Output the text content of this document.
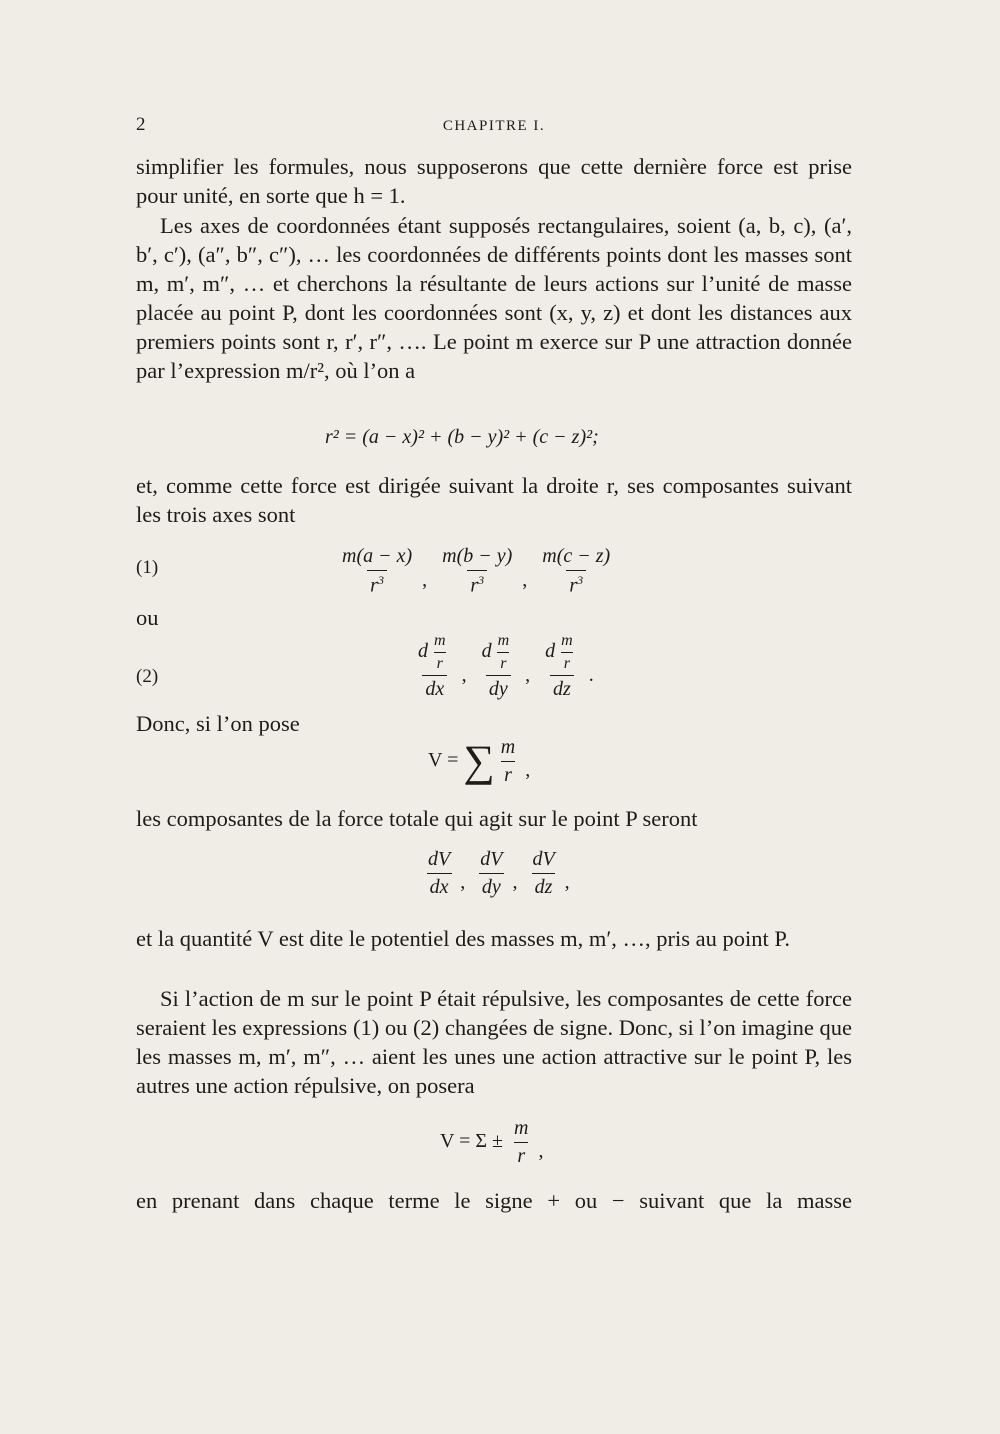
2	CHAPITRE I.
simplifier les formules, nous supposerons que cette dernière force est prise pour unité, en sorte que h = 1.
Les axes de coordonnées étant supposés rectangulaires, soient (a, b, c), (a′, b′, c′), (a″, b″, c″), … les coordonnées de différents points dont les masses sont m, m′, m″, … et cherchons la résultante de leurs actions sur l’unité de masse placée au point P, dont les coordonnées sont (x, y, z) et dont les distances aux premiers points sont r, r′, r″, …. Le point m exerce sur P une attraction donnée par l’expression m/r², où l’on a
r² = (a − x)² + (b − y)² + (c − z)²;
et, comme cette force est dirigée suivant la droite r, ses composantes suivant les trois axes sont
(1)	$\frac{m(a - x)}{r^3}$ , $\frac{m(b - y)}{r^3}$ , $\frac{m(c - z)}{r^3}$
ou
(2)	$\frac{d \frac{m}{r}}{dx}$ , $\frac{d \frac{m}{r}}{dy}$ , $\frac{d \frac{m}{r}}{dz}$ .
Donc, si l’on pose
V = ∑ $\frac{m}{r}$ ,
les composantes de la force totale qui agit sur le point P seront
$\frac{dV}{dx}$ , $\frac{dV}{dy}$ , $\frac{dV}{dz}$ ,
et la quantité V est dite le potentiel des masses m, m′, …, pris au point P.
Si l’action de m sur le point P était répulsive, les composantes de cette force seraient les expressions (1) ou (2) changées de signe. Donc, si l’on imagine que les masses m, m′, m″, … aient les unes une action attractive sur le point P, les autres une action répulsive, on posera
$V = \Sigma \pm \frac{m}{r}$ ,
en prenant dans chaque terme le signe + ou − suivant que la masse
